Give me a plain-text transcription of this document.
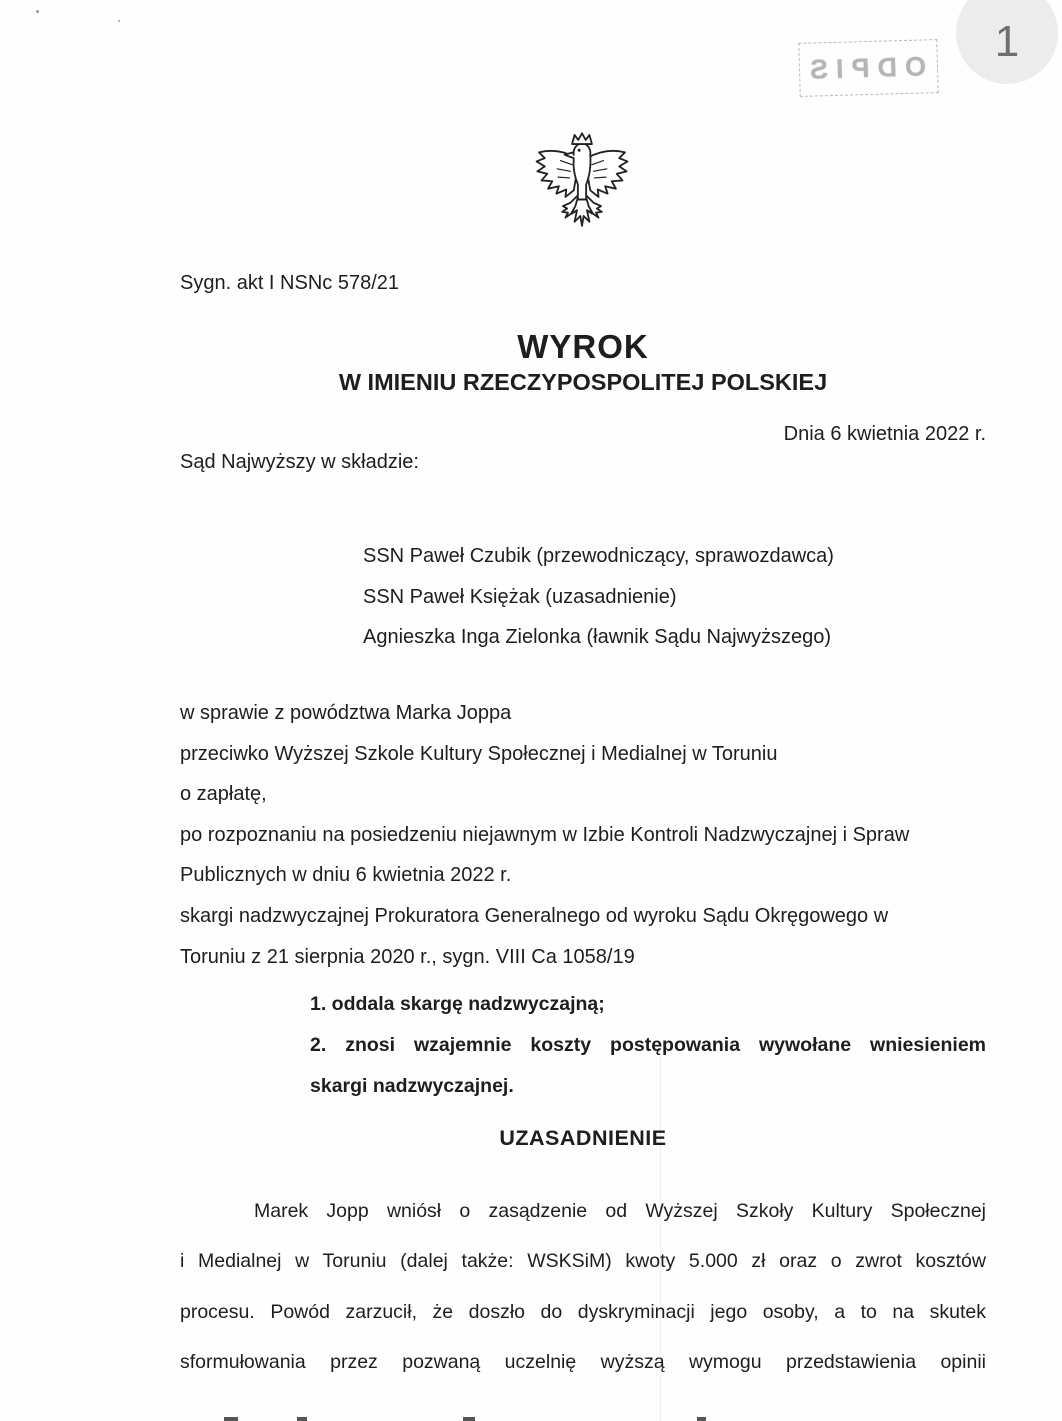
1
ODPIS
Sygn. akt I NSNc 578/21
WYROK
W IMIENIU RZECZYPOSPOLITEJ POLSKIEJ
Dnia 6 kwietnia 2022 r.
Sąd Najwyższy w składzie:
SSN Paweł Czubik (przewodniczący, sprawozdawca)
SSN Paweł Księżak (uzasadnienie)
Agnieszka Inga Zielonka (ławnik Sądu Najwyższego)
w sprawie z powództwa Marka Joppa
przeciwko Wyższej Szkole Kultury Społecznej i Medialnej w Toruniu
o zapłatę,
po rozpoznaniu na posiedzeniu niejawnym w Izbie Kontroli Nadzwyczajnej i Spraw
Publicznych w dniu 6 kwietnia 2022 r.
skargi nadzwyczajnej Prokuratora Generalnego od wyroku Sądu Okręgowego w
Toruniu z 21 sierpnia 2020 r., sygn. VIII Ca 1058/19
1. oddala skargę nadzwyczajną;
2. znosi wzajemnie koszty postępowania wywołane wniesieniem
skargi nadzwyczajnej.
UZASADNIENIE
Marek Jopp wniósł o zasądzenie od Wyższej Szkoły Kultury Społecznej
i Medialnej w Toruniu (dalej także: WSKSiM) kwoty 5.000 zł oraz o zwrot kosztów
procesu. Powód zarzucił, że doszło do dyskryminacji jego osoby, a to na skutek
sformułowania przez pozwaną uczelnię wyższą wymogu przedstawienia opinii
